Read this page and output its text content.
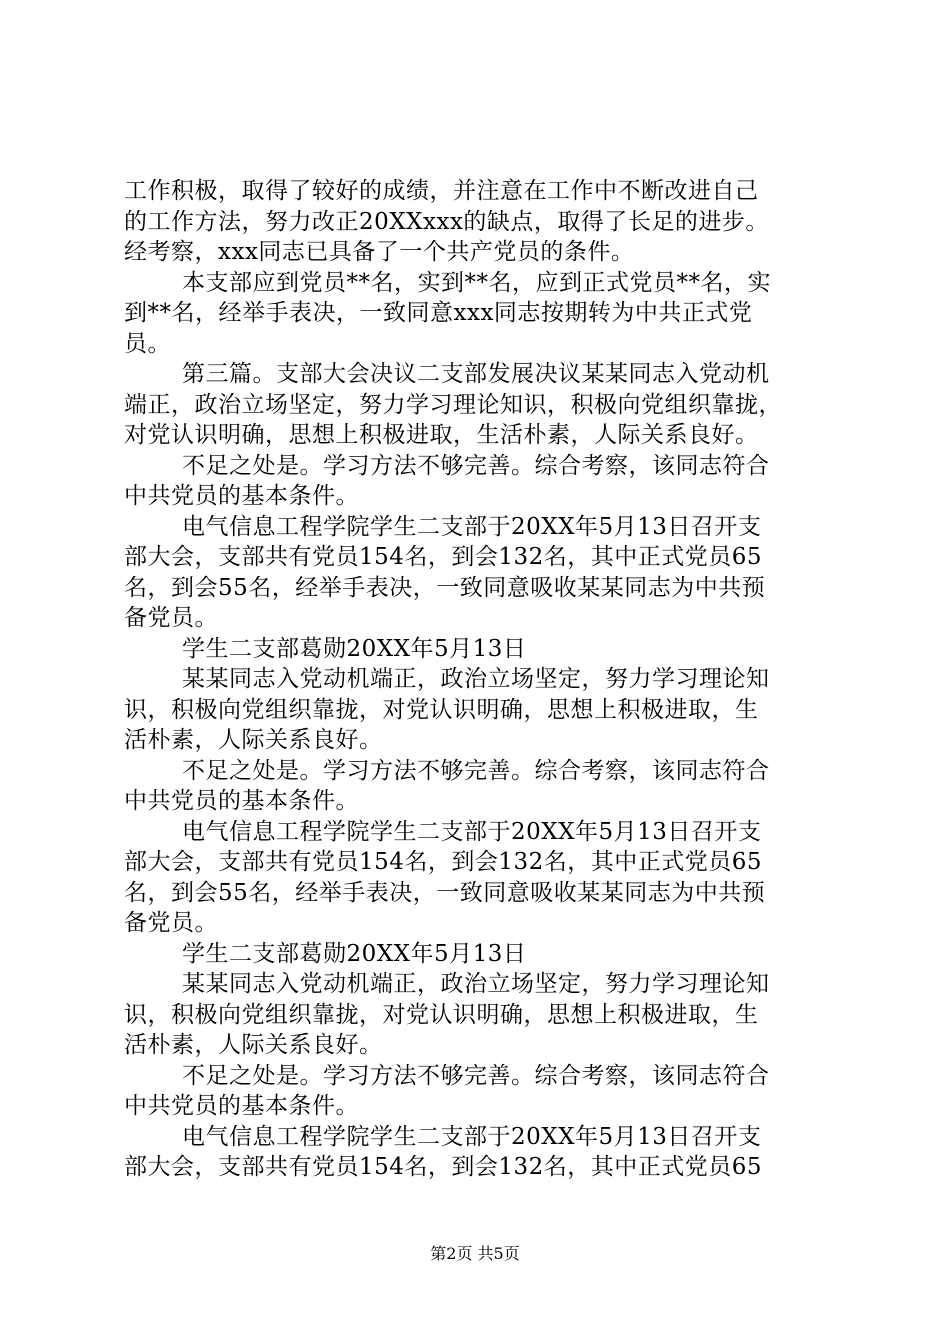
工作积极，取得了较好的成绩，并注意在工作中不断改进自己
的工作方法，努力改正20XXxxx的缺点，取得了长足的进步。
经考察，xxx同志已具备了一个共产党员的条件。
本支部应到党员**名，实到**名，应到正式党员**名，实
到**名，经举手表决，一致同意xxx同志按期转为中共正式党
员。
第三篇。支部大会决议二支部发展决议某某同志入党动机
端正，政治立场坚定，努力学习理论知识，积极向党组织靠拢，
对党认识明确，思想上积极进取，生活朴素，人际关系良好。
不足之处是。学习方法不够完善。综合考察，该同志符合
中共党员的基本条件。
电气信息工程学院学生二支部于20XX年5月13日召开支
部大会，支部共有党员154名，到会132名，其中正式党员65
名，到会55名，经举手表决，一致同意吸收某某同志为中共预
备党员。
学生二支部葛勋20XX年5月13日
某某同志入党动机端正，政治立场坚定，努力学习理论知
识，积极向党组织靠拢，对党认识明确，思想上积极进取，生
活朴素，人际关系良好。
不足之处是。学习方法不够完善。综合考察，该同志符合
中共党员的基本条件。
电气信息工程学院学生二支部于20XX年5月13日召开支
部大会，支部共有党员154名，到会132名，其中正式党员65
名，到会55名，经举手表决，一致同意吸收某某同志为中共预
备党员。
学生二支部葛勋20XX年5月13日
某某同志入党动机端正，政治立场坚定，努力学习理论知
识，积极向党组织靠拢，对党认识明确，思想上积极进取，生
活朴素，人际关系良好。
不足之处是。学习方法不够完善。综合考察，该同志符合
中共党员的基本条件。
电气信息工程学院学生二支部于20XX年5月13日召开支
部大会，支部共有党员154名，到会132名，其中正式党员65
第2页 共5页
